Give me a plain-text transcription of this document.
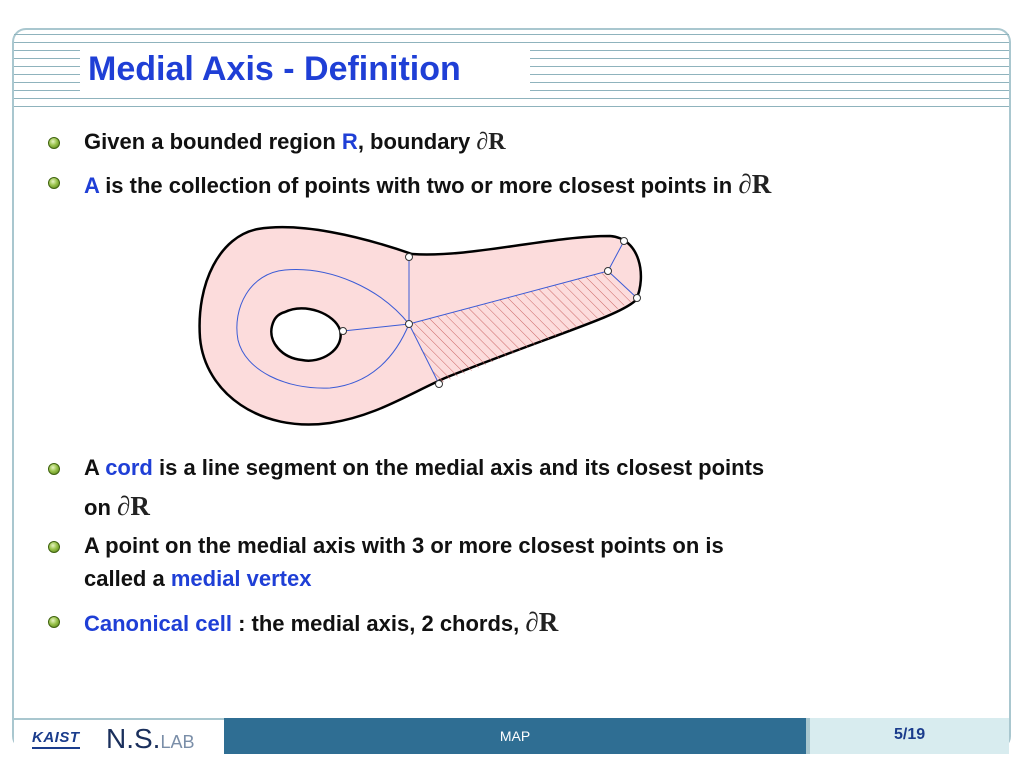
Medial Axis - Definition
Given a bounded region R, boundary ∂R
A is the collection of points with two or more closest points in ∂R
A cord is a line segment on the medial axis and its closest points
on ∂R
A point on the medial axis with 3 or more closest points on is
called a medial vertex
Canonical cell : the medial axis, 2 chords, ∂R
KAIST N.S.LAB	MAP	5/19
